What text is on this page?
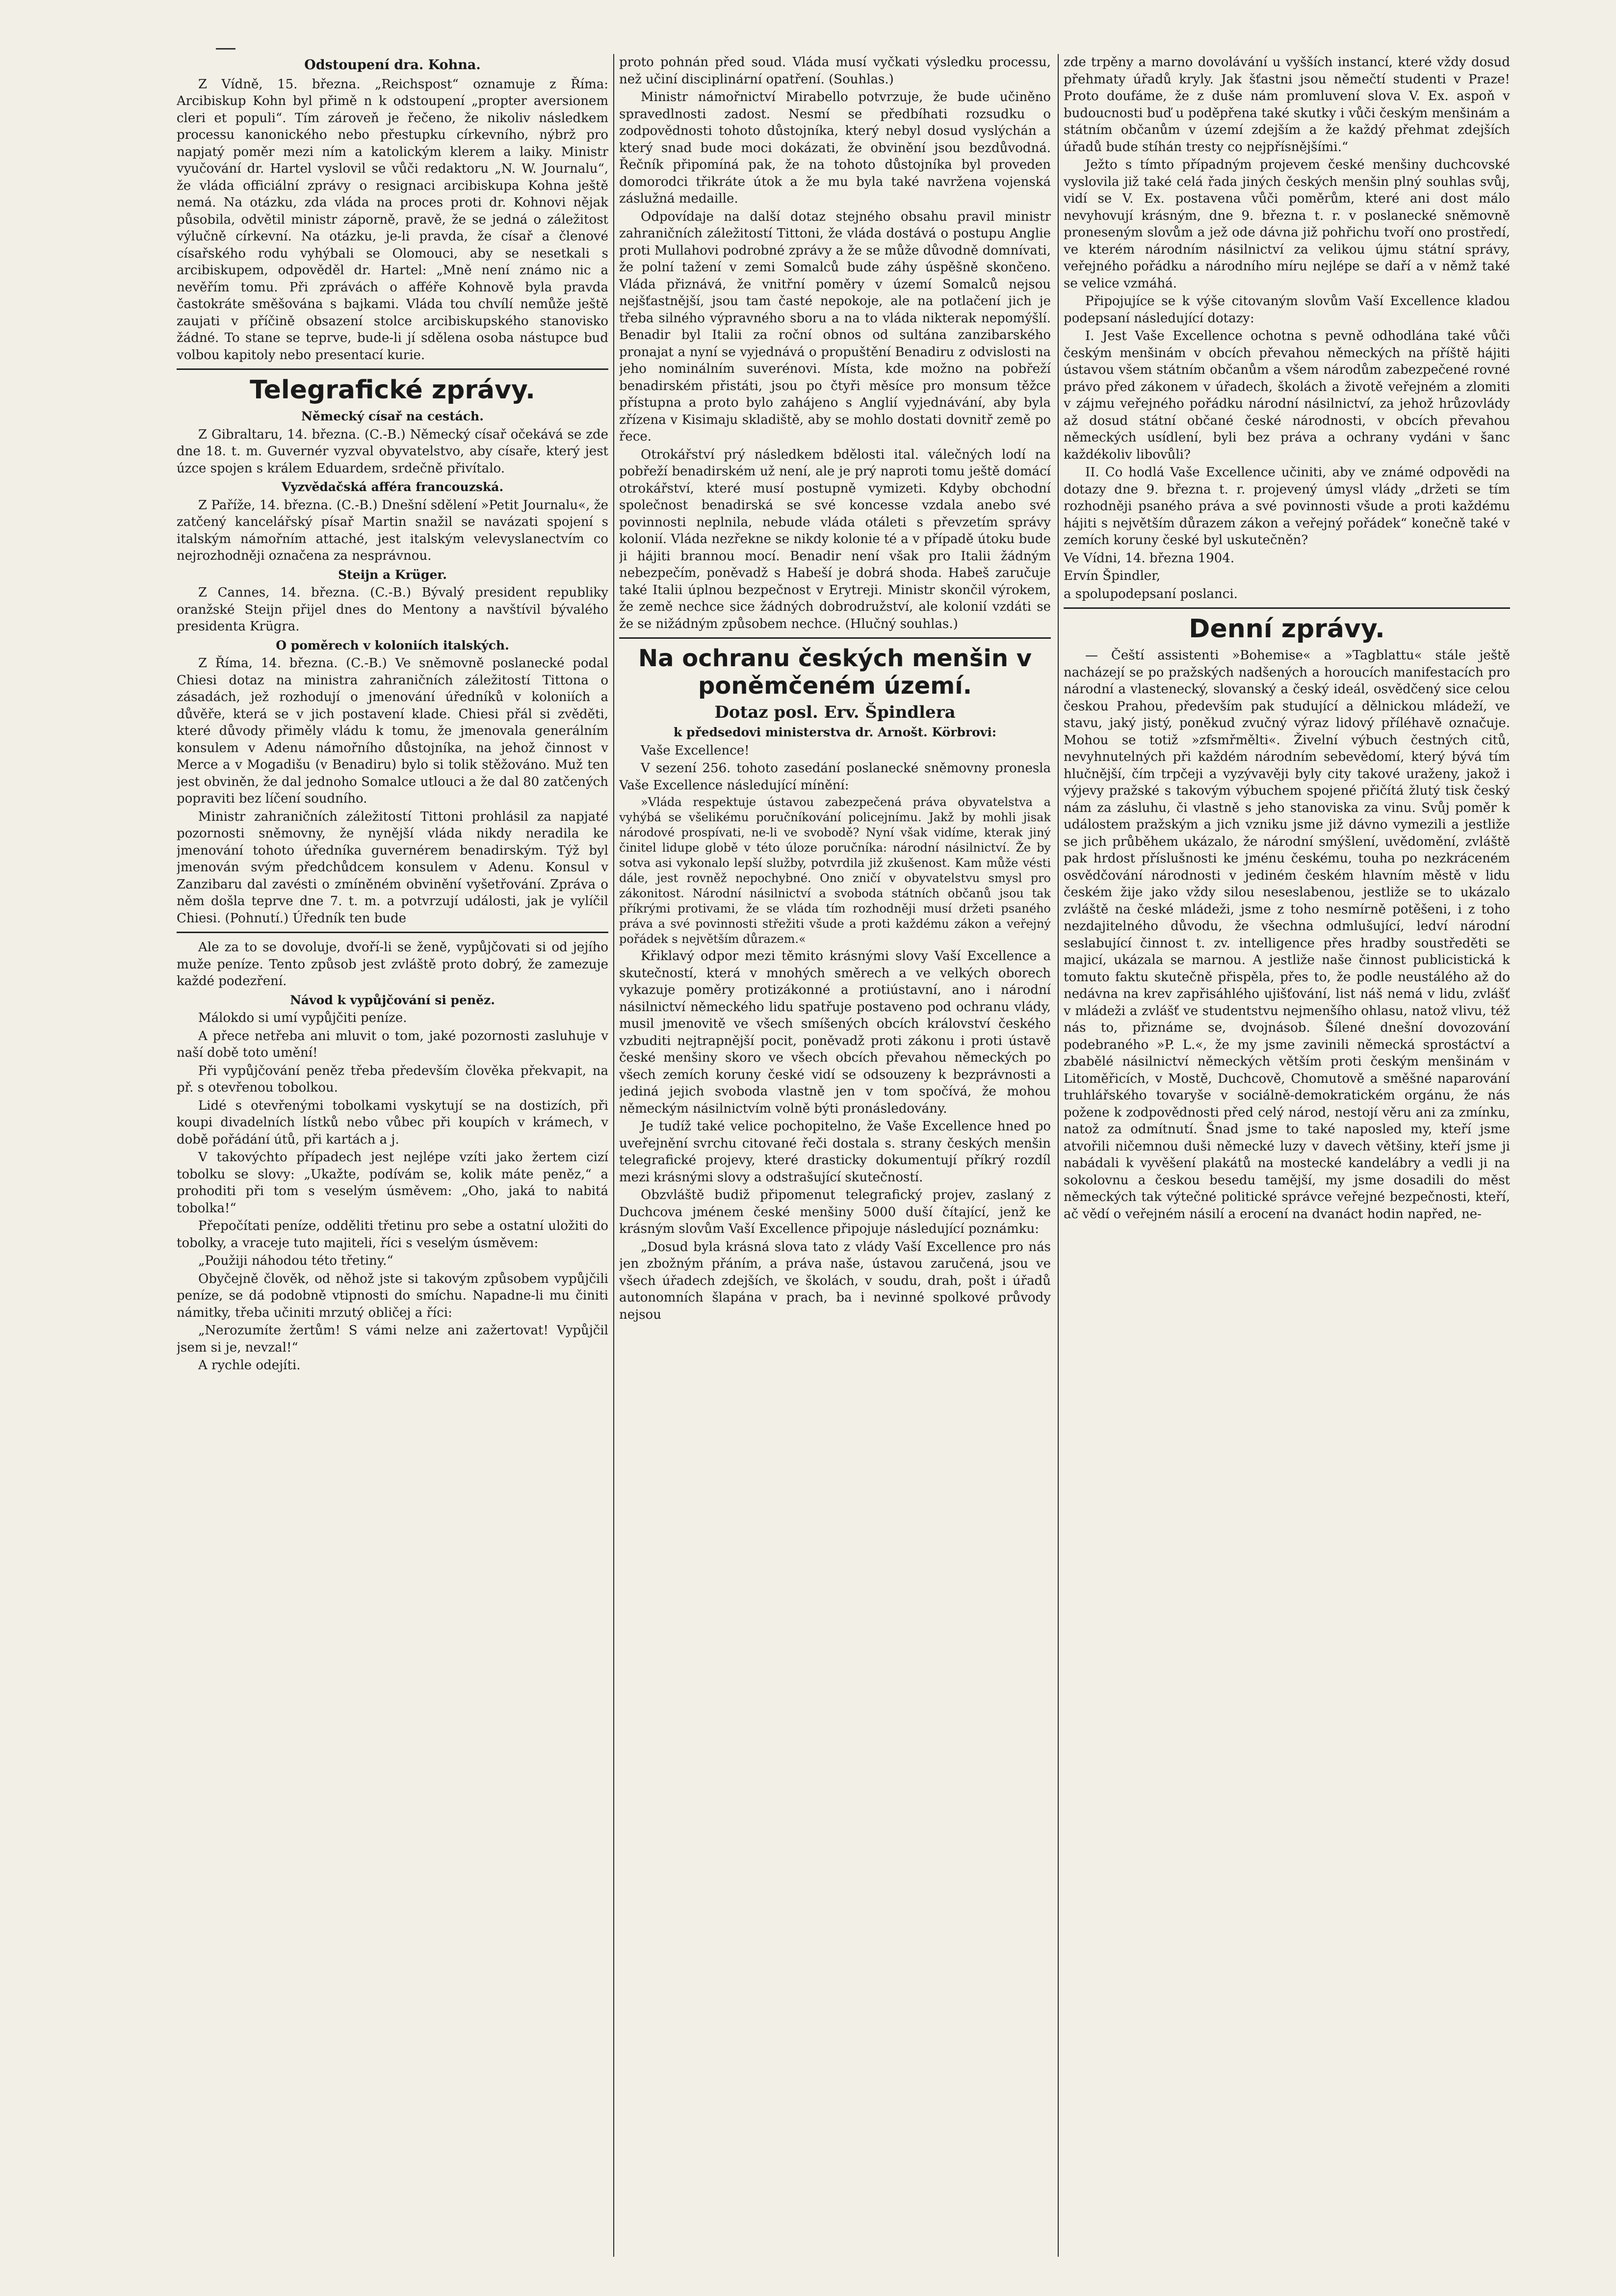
Odstoupení dra. Kohna.

Z Vídně, 15. března. „Reichspost“ oznamuje z Říma: Arcibiskup Kohn byl přimě n k odstoupení „propter aversionem cleri et populi“. Tím zároveň je řečeno, že nikoliv následkem processu kanonického nebo přestupku církevního, nýbrž pro napjatý poměr mezi ním a katolickým klerem a laiky. Ministr vyučování dr. Hartel vyslovil se vůči redaktoru „N. W. Journalu“, že vláda officiální zprávy o resignaci arcibiskupa Kohna ještě nemá. Na otázku, zda vláda na proces proti dr. Kohnovi nějak působila, odvětil ministr záporně, pravě, že se jedná o záležitost výlučně církevní. Na otázku, je-li pravda, že císař a členové císařského rodu vyhýbali se Olomouci, aby se nesetkali s arcibiskupem, odpověděl dr. Hartel: „Mně není známo nic a nevěřím tomu. Při zprávách o afféře Kohnově byla pravda častokráte směšována s bajkami. Vláda tou chvílí nemůže ještě zaujati v příčině obsazení stolce arcibiskupského stanovisko žádné. To stane se teprve, bude-li jí sdělena osoba nástupce buď volbou kapitoly nebo presentací kurie.

Telegrafické zprávy.
Německý císař na cestách.

Z Gibraltaru, 14. března. (C.-B.) Německý císař očekává se zde dne 18. t. m. Guvernér vyzval obyvatelstvo, aby císaře, který jest úzce spojen s králem Eduardem, srdečně přivítalo.

Vyzvědačská afféra francouzská.

Z Paříže, 14. března. (C.-B.) Dnešní sdělení »Petit Journalu«, že zatčený kancelářský písař Martin snažil se navázati spojení s italským námořním attaché, jest italským velevyslanectvím co nejrozhodněji označena za nesprávnou.

Steijn a Krüger.

Z Cannes, 14. března. (C.-B.) Bývalý president republiky oranžské Steijn přijel dnes do Mentony a navštívil bývalého presidenta Krügra.

O poměrech v koloniích italských.

Z Říma, 14. března. (C.-B.) Ve sněmovně poslanecké podal Chiesi dotaz na ministra zahraničních záležitostí Tittona o zásadách, jež rozhodují o jmenování úředníků v koloniích a důvěře, která se v jich postavení klade. Chiesi přál si zvěděti, které důvody přiměly vládu k tomu, že jmenovala generálním konsulem v Adenu námořního důstojníka, na jehož činnost v Merce a v Mogadišu (v Benadiru) bylo si tolik stěžováno. Muž ten jest obviněn, že dal jednoho Somalce utlouci a že dal 80 zatčených popraviti bez líčení soudního.

Ministr zahraničních záležitostí Tittoni prohlásil za napjaté pozornosti sněmovny, že nynější vláda nikdy neradila ke jmenování tohoto úředníka guvernérem benadirským. Týž byl jmenován svým předchůdcem konsulem v Adenu. Konsul v Zanzibaru dal zavésti o zmíněném obvinění vyšetřování. Zpráva o něm došla teprve dne 7. t. m. a potvrzují události, jak je vylíčil Chiesi. (Pohnutí.) Úředník ten bude

Ale za to se dovoluje, dvoří-li se ženě, vypůjčovati si od jejího muže peníze. Tento způsob jest zvláště proto dobrý, že zamezuje každé podezření.

Návod k vypůjčování si peněz.

Málokdo si umí vypůjčiti peníze.

A přece netřeba ani mluvit o tom, jaké pozornosti zasluhuje v naší době toto umění!

Při vypůjčování peněz třeba především člověka překvapit, na př. s otevřenou tobolkou.

Lidé s otevřenými tobolkami vyskytují se na dostizích, při koupi divadelních lístků nebo vůbec při koupích v krámech, v době pořádání útů, při kartách a j.

V takovýchto případech jest nejlépe vzíti jako žertem cizí tobolku se slovy: „Ukažte, podívám se, kolik máte peněz,“ a prohoditi při tom s veselým úsměvem: „Oho, jaká to nabitá tobolka!“

Přepočítati peníze, odděliti třetinu pro sebe a ostatní uložiti do tobolky, a vraceje tuto majiteli, říci s veselým úsměvem:

„Použiji náhodou této třetiny.“

Obyčejně člověk, od něhož jste si takovým způsobem vypůjčili peníze, se dá podobně vtipnosti do smíchu. Napadne-li mu činiti námitky, třeba učiniti mrzutý obličej a říci:

„Nerozumíte žertům! S vámi nelze ani zažertovat! Vypůjčil jsem si je, nevzal!“

A rychle odejíti.

proto pohnán před soud. Vláda musí vyčkati výsledku processu, než učiní disciplinární opatření. (Souhlas.)

Ministr námořnictví Mirabello potvrzuje, že bude učiněno spravedlnosti zadost. Nesmí se předbíhati rozsudku o zodpovědnosti tohoto důstojníka, který nebyl dosud vyslýchán a který snad bude moci dokázati, že obvinění jsou bezdůvodná. Řečník připomíná pak, že na tohoto důstojníka byl proveden domorodci třikráte útok a že mu byla také navržena vojenská záslužná medaille.

Odpovídaje na další dotaz stejného obsahu pravil ministr zahraničních záležitostí Tittoni, že vláda dostává o postupu Anglie proti Mullahovi podrobné zprávy a že se může důvodně domnívati, že polní tažení v zemi Somalců bude záhy úspěšně skončeno. Vláda přiznává, že vnitřní poměry v území Somalců nejsou nejšťastnější, jsou tam časté nepokoje, ale na potlačení jich je třeba silného výpravného sboru a na to vláda nikterak nepomýšlí. Benadir byl Italii za roční obnos od sultána zanzibarského pronajat a nyní se vyjednává o propuštění Benadiru z odvislosti na jeho nominálním suverénovi. Místa, kde možno na pobřeží benadirském přistáti, jsou po čtyři měsíce pro monsum těžce přístupna a proto bylo zahájeno s Anglií vyjednávání, aby byla zřízena v Kisimaju skladiště, aby se mohlo dostati dovnitř země po řece.

Otrokářství prý následkem bdělosti ital. válečných lodí na pobřeží benadirském už není, ale je prý naproti tomu ještě domácí otrokářství, které musí postupně vymizeti. Kdyby obchodní společnost benadirská se své koncesse vzdala anebo své povinnosti neplnila, nebude vláda otáleti s převzetím správy kolonií. Vláda nezřekne se nikdy kolonie té a v případě útoku bude ji hájiti brannou mocí. Benadir není však pro Italii žádným nebezpečím, poněvadž s Habeší je dobrá shoda. Habeš zaručuje také Italii úplnou bezpečnost v Erytreji. Ministr skončil výrokem, že země nechce sice žádných dobrodružství, ale kolonií vzdáti se že se nižádným způsobem nechce. (Hlučný souhlas.)

Na ochranu českých menšin v poněmčeném území.
Dotaz posl. Erv. Špindlera
k předsedovi ministerstva dr. Arnošt. Körbrovi:

Vaše Excellence!

V sezení 256. tohoto zasedání poslanecké sněmovny pronesla Vaše Excellence následující mínění:

»Vláda respektuje ústavou zabezpečená práva obyvatelstva a vyhýbá se všelikému poručníkování policejnímu. Jakž by mohli jisak národové prospívati, ne-li ve svobodě? Nyní však vidíme, kterak jiný činitel lidupe globě v této úloze poručníka: národní násilnictví. Že by sotva asi vykonalo lepší služby, potvrdila již zkušenost. Kam může vésti dále, jest rovněž nepochybné. Ono zničí v obyvatelstvu smysl pro zákonitost. Národní násilnictví a svoboda státních občanů jsou tak příkrými protivami, že se vláda tím rozhodněji musí držeti psaného práva a své povinnosti střežiti všude a proti každému zákon a veřejný pořádek s největším důrazem.«

Křiklavý odpor mezi těmito krásnými slovy Vaší Excellence a skutečností, která v mnohých směrech a ve velkých oborech vykazuje poměry protizákonné a protiústavní, ano i národní násilnictví německého lidu spatřuje postaveno pod ochranu vlády, musil jmenovitě ve všech smíšených obcích království českého vzbuditi nejtrapnější pocit, poněvadž proti zákonu i proti ústavě české menšiny skoro ve všech obcích převahou německých po všech zemích koruny české vidí se odsouzeny k bezprávnosti a jediná jejich svoboda vlastně jen v tom spočívá, že mohou německým násilnictvím volně býti pronásledovány.

Je tudíž také velice pochopitelno, že Vaše Excellence hned po uveřejnění svrchu citované řeči dostala s. strany českých menšin telegrafické projevy, které drasticky dokumentují příkrý rozdíl mezi krásnými slovy a odstrašující skutečností.

Obzvláště budiž připomenut telegrafický projev, zaslaný z Duchcova jménem české menšiny 5000 duší čítající, jenž ke krásným slovům Vaší Excellence připojuje následující poznámku:

„Dosud byla krásná slova tato z vlády Vaší Excellence pro nás jen zbožným přáním, a práva naše, ústavou zaručená, jsou ve všech úřadech zdejších, ve školách, v soudu, drah, pošt i úřadů autonomních šlapána v prach, ba i nevinné spolkové průvody nejsou

zde trpěny a marno dovolávání u vyšších instancí, které vždy dosud přehmaty úřadů kryly. Jak šťastni jsou němečtí studenti v Praze! Proto doufáme, že z duše nám promluvení slova V. Ex. aspoň v budoucnosti buď u poděpřena také skutky i vůči českým menšinám a státním občanům v území zdejším a že každý přehmat zdejších úřadů bude stíhán tresty co nejpřísnějšími.“

Ježto s tímto případným projevem české menšiny duchcovské vyslovila již také celá řada jiných českých menšin plný souhlas svůj, vidí se V. Ex. postavena vůči poměrům, které ani dost málo nevyhovují krásným, dne 9. března t. r. v poslanecké sněmovně proneseným slovům a jež ode dávna již pohřichu tvoří ono prostředí, ve kterém národním násilnictví za velikou újmu státní správy, veřejného pořádku a národního míru nejlépe se daří a v němž také se velice vzmáhá.

Připojujíce se k výše citovaným slovům Vaší Excellence kladou podepsaní následující dotazy:

I. Jest Vaše Excellence ochotna s pevně odhodlána také vůči českým menšinám v obcích převahou německých na příště hájiti ústavou všem státním občanům a všem národům zabezpečené rovné právo před zákonem v úřadech, školách a životě veřejném a zlomiti v zájmu veřejného pořádku národní násilnictví, za jehož hrůzovlády až dosud státní občané české národnosti, v obcích převahou německých usídlení, byli bez práva a ochrany vydáni v šanc každékoliv libovůli?

II. Co hodlá Vaše Excellence učiniti, aby ve známé odpovědi na dotazy dne 9. března t. r. projevený úmysl vlády „držeti se tím rozhodněji psaného práva a své povinnosti všude a proti každému hájiti s největším důrazem zákon a veřejný pořádek“ konečně také v zemích koruny české byl uskutečněn?

Ve Vídni, 14. března 1904.

Ervín Špindler,

a spolupodepsaní poslanci.

Denní zprávy.

— Čeští assistenti »Bohemise« a »Tagblattu« stále ještě nacházejí se po pražských nadšených a horoucích manifestacích pro národní a vlastenecký, slovanský a český ideál, osvědčený sice celou českou Prahou, především pak studující a dělnickou mládeží, ve stavu, jaký jistý, poněkud zvučný výraz lidový příléhavě označuje. Mohou se totiž »zfsmřmělti«. Živelní výbuch čestných citů, nevyhnutelných při každém národním sebevědomí, který bývá tím hlučnější, čím trpčeji a vyzývavěji byly city takové uraženy, jakož i výjevy pražské s takovým výbuchem spojené přičítá žlutý tisk český nám za zásluhu, či vlastně s jeho stanoviska za vinu. Svůj poměr k událostem pražským a jich vzniku jsme již dávno vymezili a jestliže se jich průběhem ukázalo, že národní smýšlení, uvědomění, zvláště pak hrdost příslušnosti ke jménu českému, touha po nezkráceném osvědčování národnosti v jediném českém hlavním městě v lidu českém žije jako vždy silou neseslabenou, jestliže se to ukázalo zvláště na české mládeži, jsme z toho nesmírně potěšeni, i z toho nezdajitelného důvodu, že všechna odmlušující, ledví národní seslabující činnost t. zv. intelligence přes hradby soustředěti se majicí, ukázala se marnou. A jestliže naše činnost publicistická k tomuto faktu skutečně přispěla, přes to, že podle neustálého až do nedávna na krev zapřisáhlého ujišťování, list náš nemá v lidu, zvlášť v mládeži a zvlášť ve studentstvu nejmenšího ohlasu, natož vlivu, též nás to, přiznáme se, dvojnásob. Šílené dnešní dovozování podebraného »P. L.«, že my jsme zavinili německá sprostáctví a zbabělé násilnictví německých větším proti českým menšinám v Litoměřicích, v Mostě, Duchcově, Chomutově a směšné naparování truhlářského tovaryše v sociálně-demokratickém orgánu, že nás požene k zodpovědnosti před celý národ, nestojí věru ani za zmínku, natož za odmítnutí. Šnad jsme to také naposled my, kteří jsme atvořili ničemnou duši německé luzy v davech většiny, kteří jsme ji nabádali k vyvěšení plakátů na mostecké kandelábry a vedli ji na sokolovnu a českou besedu tamější, my jsme dosadili do měst německých tak výtečné politické správce veřejné bezpečnosti, kteří, ač vědí o veřejném násilí a erocení na dvanáct hodin napřed, ne-
